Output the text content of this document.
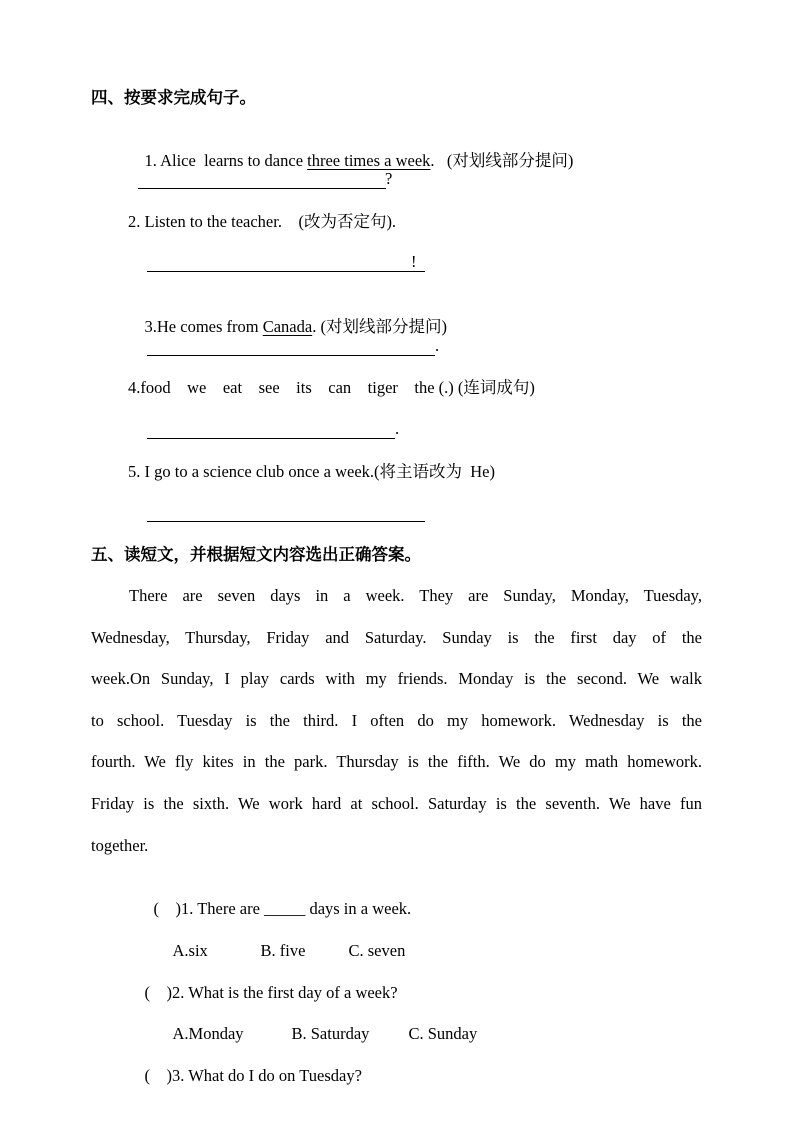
四、按要求完成句子。

1. Alice  learns to dance three times a week.   (对划线部分提问)

?
2. Listen to the teacher.    (改为否定句).
!

3.He comes from Canada. (对划线部分提问)

.
4.food    we    eat    see    its    can    tiger    the (.) (连词成句)
.
5. I go to a science club once a week.(将主语改为  He)
五、读短文，并根据短文内容选出正确答案。
There are seven days in a week. They are Sunday, Monday, Tuesday,
Wednesday, Thursday, Friday and Saturday. Sunday is the first day of the
week.On Sunday, I play cards with my friends. Monday is the second. We walk
to school. Tuesday is the third. I often do my homework. Wednesday is the
fourth. We fly kites in the park. Thursday is the fifth. We do my math homework.
Friday is the sixth. We work hard at school. Saturday is the seventh. We have fun
together.

(    )1. There are _____ days in a week.

A.six	B. five	C. seven

(    )2. What is the first day of a week?

A.Monday	B. Saturday C. Sunday

(    )3. What do I do on Tuesday?
